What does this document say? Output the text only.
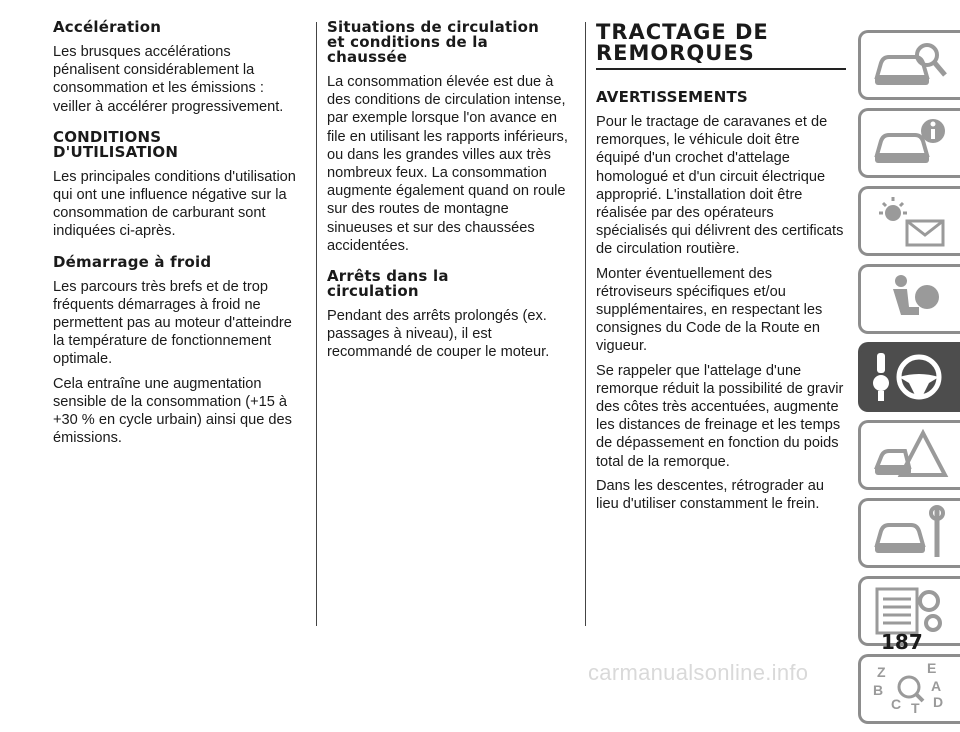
Accélération

Les brusques accélérations pénalisent considérablement la consommation et les émissions : veiller à accélérer progressivement.

CONDITIONS
D'UTILISATION

Les principales conditions d'utilisation qui ont une influence négative sur la consommation de carburant sont indiquées ci-après.

Démarrage à froid

Les parcours très brefs et de trop fréquents démarrages à froid ne permettent pas au moteur d'atteindre la température de fonctionnement optimale.

Cela entraîne une augmentation sensible de la consommation (+15 à +30 % en cycle urbain) ainsi que des émissions.

Situations de circulation
et conditions de la
chaussée

La consommation élevée est due à des conditions de circulation intense, par exemple lorsque l'on avance en file en utilisant les rapports inférieurs, ou dans les grandes villes aux très nombreux feux. La consommation augmente également quand on roule sur des routes de montagne sinueuses et sur des chaussées accidentées.

Arrêts dans la
circulation

Pendant des arrêts prolongés (ex. passages à niveau), il est recommandé de couper le moteur.

TRACTAGE DE
REMORQUES
AVERTISSEMENTS

Pour le tractage de caravanes et de remorques, le véhicule doit être équipé d'un crochet d'attelage homologué et d'un circuit électrique approprié. L'installation doit être réalisée par des opérateurs spécialisés qui délivrent des certificats de circulation routière.

Monter éventuellement des rétroviseurs spécifiques et/ou supplémentaires, en respectant les consignes du Code de la Route en vigueur.

Se rappeler que l'attelage d'une remorque réduit la possibilité de gravir des côtes très accentuées, augmente les distances de freinage et les temps de dépassement en fonction du poids total de la remorque.

Dans les descentes, rétrograder au lieu d'utiliser constamment le frein.

Z	E
A
B
C T D
187
carmanualsonline.info
